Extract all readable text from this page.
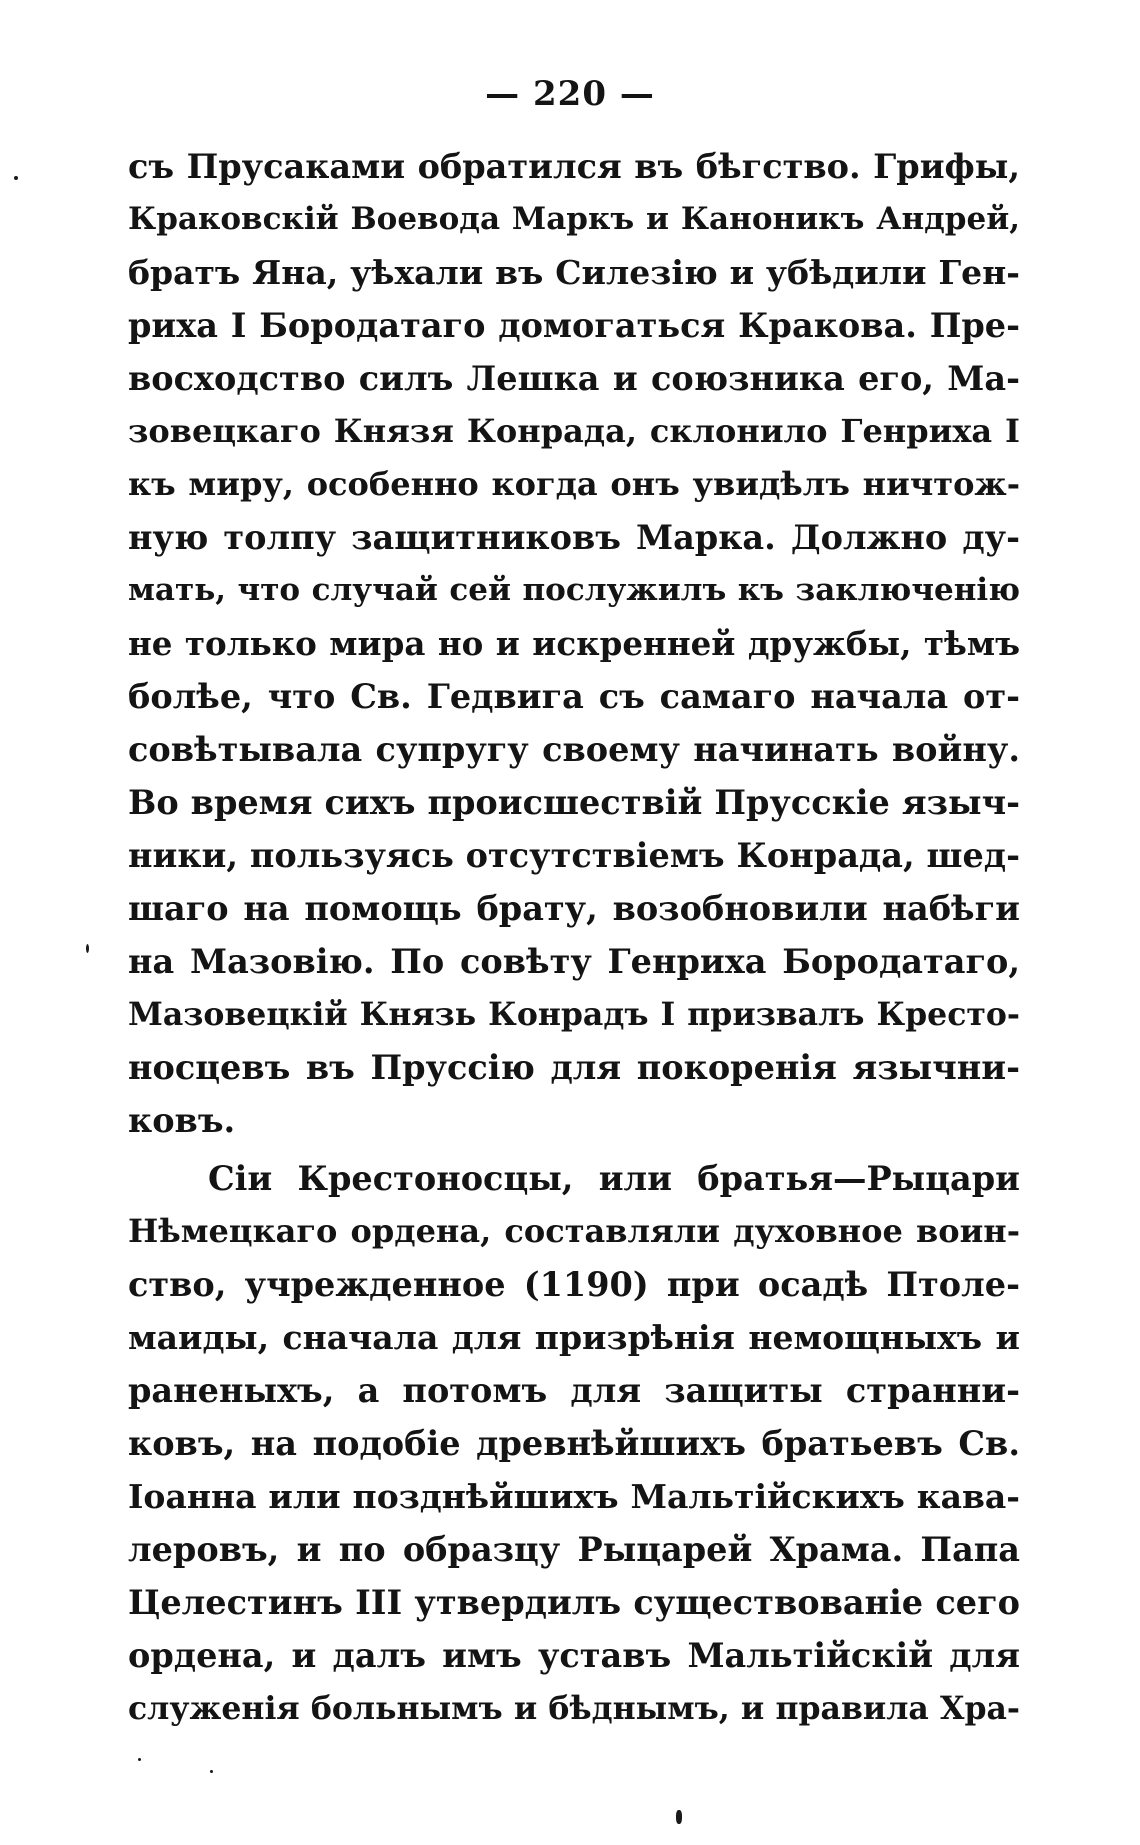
— 220 —
съ Прусаками обратился въ бѣгство. Грифы,
Краковскій Воевода Маркъ и Каноникъ Андрей,
братъ Яна, уѣхали въ Силезію и убѣдили Ген-
риха I Бородатаго домогаться Кракова. Пре-
восходство силъ Лешка и союзника его, Ма-
зовецкаго Князя Конрада, склонило Генриха I
къ миру, особенно когда онъ увидѣлъ ничтож-
ную толпу защитниковъ Марка. Должно ду-
мать, что случай сей послужилъ къ заключенію
не только мира но и искренней дружбы, тѣмъ
болѣе, что Св. Гедвига съ самаго начала от-
совѣтывала супругу своему начинать войну.
Во время сихъ происшествій Прусскіе языч-
ники, пользуясь отсутствіемъ Конрада, шед-
шаго на помощь брату, возобновили набѣги
на Мазовію. По совѣту Генриха Бородатаго,
Мазовецкій Князь Конрадъ I призвалъ Кресто-
носцевъ въ Пруссію для покоренія язычни-
ковъ.
Сіи Крестоносцы, или братья—Рыцари
Нѣмецкаго ордена, составляли духовное воин-
ство, учрежденное (1190) при осадѣ Птоле-
маиды, сначала для призрѣнія немощныхъ и
раненыхъ, а потомъ для защиты странни-
ковъ, на подобіе древнѣйшихъ братьевъ Св.
Іоанна или позднѣйшихъ Мальтійскихъ кава-
леровъ, и по образцу Рыцарей Храма. Папа
Целестинъ III утвердилъ существованіе сего
ордена, и далъ имъ уставъ Мальтійскій для
служенія больнымъ и бѣднымъ, и правила Хра-
